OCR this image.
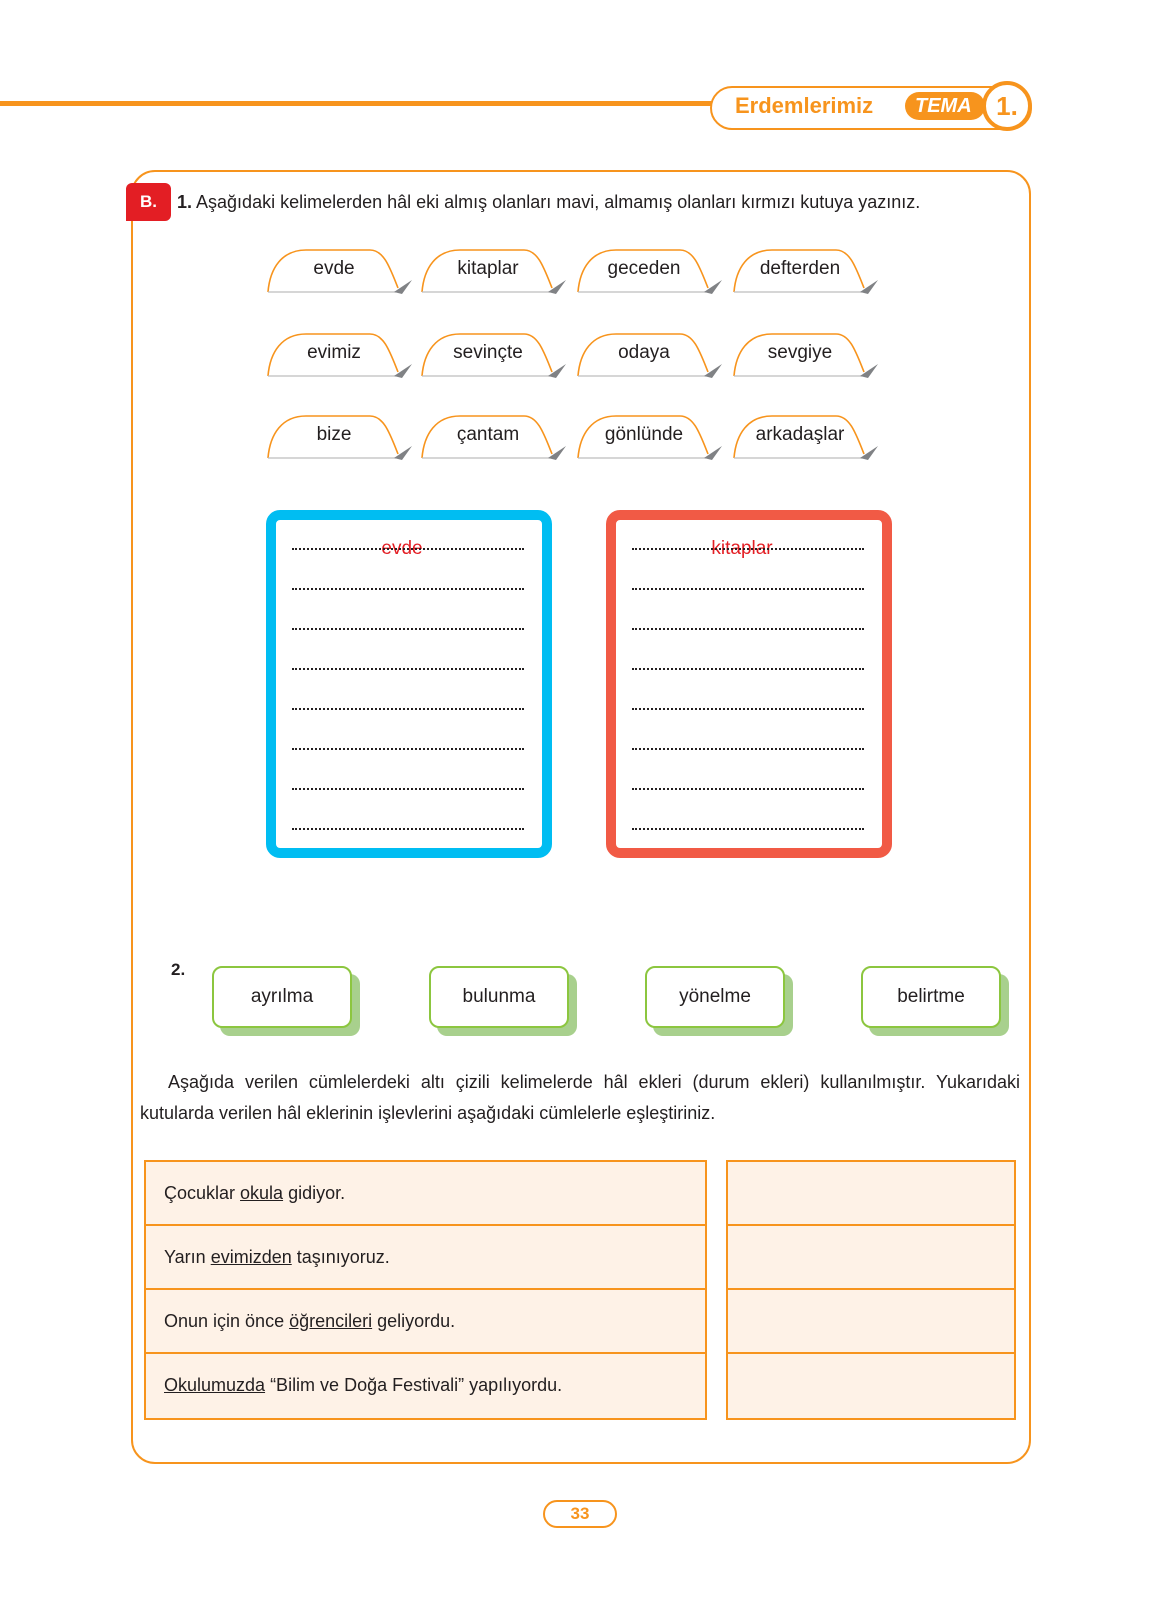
Erdemlerimiz	TEMA 1.
B.	1. Aşağıdaki kelimelerden hâl eki almış olanları mavi, almamış olanları kırmızı kutuya yazınız.
evde	kitaplar	geceden	defterden
evimiz	sevinçte	odaya	sevgiye
bize	çantam	gönlünde	arkadaşlar
evde	kitaplar
2.
ayrılma	bulunma	yönelme	belirtme
Aşağıda verilen cümlelerdeki altı çizili kelimelerde hâl ekleri (durum ekleri) kullanılmıştır. Yukarıdaki kutularda verilen hâl eklerinin işlevlerini aşağıdaki cümlelerle eşleştiriniz.
Çocuklar okula gidiyor.
Yarın evimizden taşınıyoruz.
Onun için önce öğrencileri geliyordu.
Okulumuzda “Bilim ve Doğa Festivali” yapılıyordu.
33
